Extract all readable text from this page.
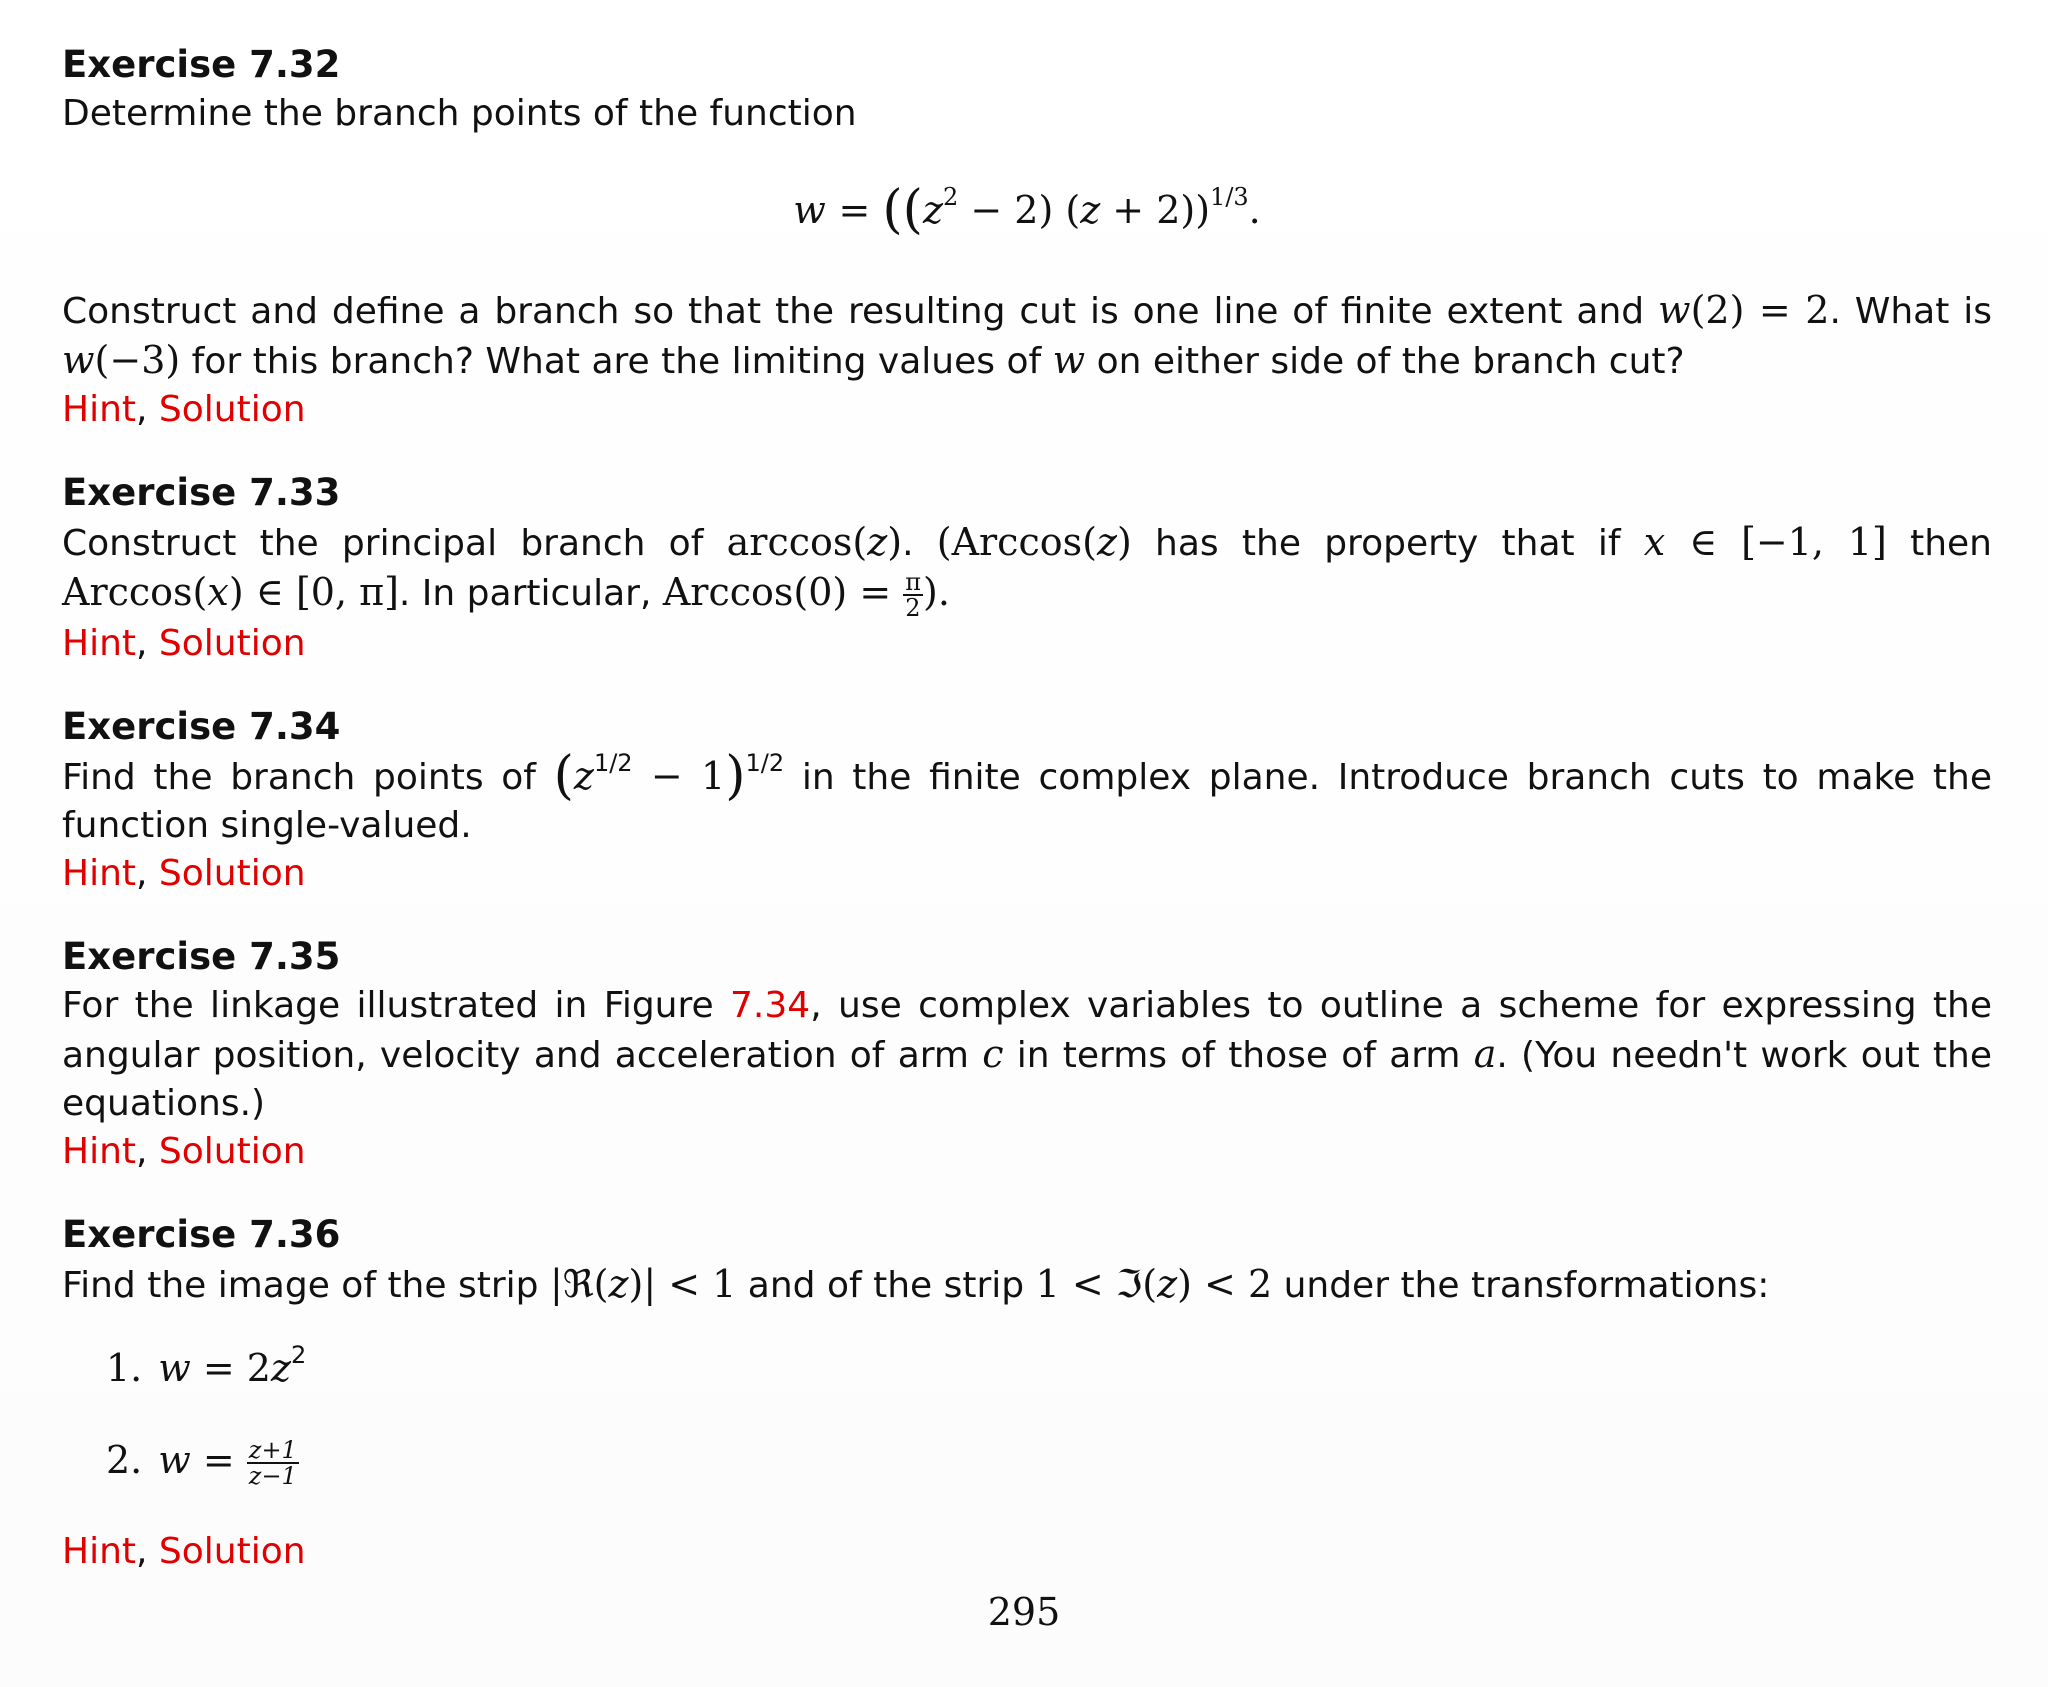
Exercise 7.32
Determine the branch points of the function
$w = ((z^2 - 2) (z + 2))^{1/3}$.
Construct and define a branch so that the resulting cut is one line of finite extent and w(2) = 2. What is w(−3) for this branch? What are the limiting values of w on either side of the branch cut?
Hint, Solution
Exercise 7.33
Construct the principal branch of arccos(z). (Arccos(z) has the property that if x ∈ [−1, 1] then Arccos(x) ∈ [0, π]. In particular, $Arccos(0) = \frac{\pi}{2}$ ).
Hint, Solution
Exercise 7.34
Find the branch points of $(z^{1/2} - 1)^{1/2}$ in the finite complex plane. Introduce branch cuts to make the function single-valued.
Hint, Solution
Exercise 7.35
For the linkage illustrated in Figure 7.34, use complex variables to outline a scheme for expressing the angular position, velocity and acceleration of arm c in terms of those of arm a. (You needn't work out the equations.)
Hint, Solution
Exercise 7.36
Find the image of the strip |ℜ(z)| < 1 and of the strip 1 < ℑ(z) < 2 under the transformations:
1. $w = 2z^2$
2. $w = \frac{z+1}{z-1}$
Hint, Solution
295
